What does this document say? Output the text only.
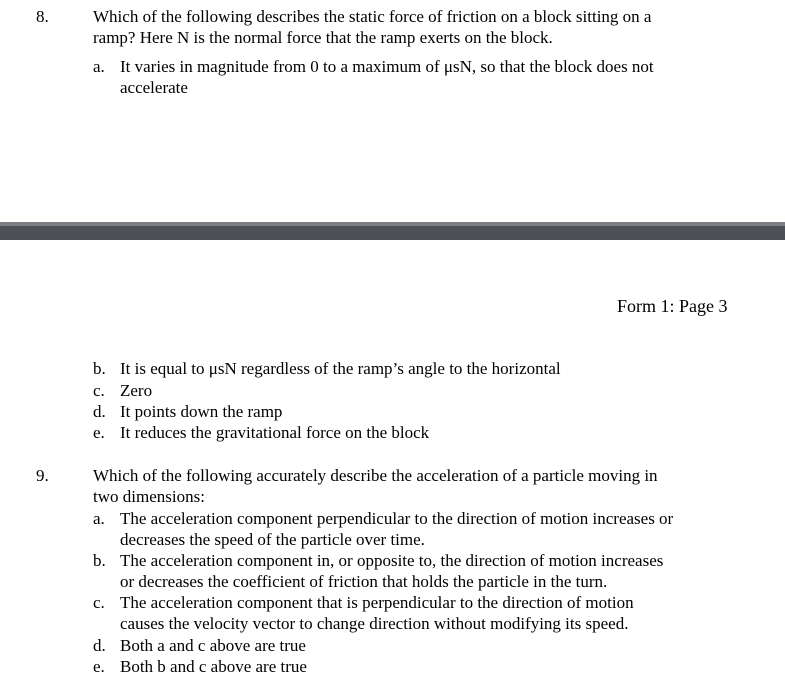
8.	Which of the following describes the static force of friction on a block sitting on a
ramp? Here N is the normal force that the ramp exerts on the block.
a. It varies in magnitude from 0 to a maximum of μsN, so that the block does not
accelerate
Form 1: Page 3
b. It is equal to μsN regardless of the ramp’s angle to the horizontal
c. Zero
d. It points down the ramp
e. It reduces the gravitational force on the block
9.	Which of the following accurately describe the acceleration of a particle moving in
two dimensions:
a. The acceleration component perpendicular to the direction of motion increases or
decreases the speed of the particle over time.
b. The acceleration component in, or opposite to, the direction of motion increases
or decreases the coefficient of friction that holds the particle in the turn.
c. The acceleration component that is perpendicular to the direction of motion
causes the velocity vector to change direction without modifying its speed.
d. Both a and c above are true
e. Both b and c above are true
